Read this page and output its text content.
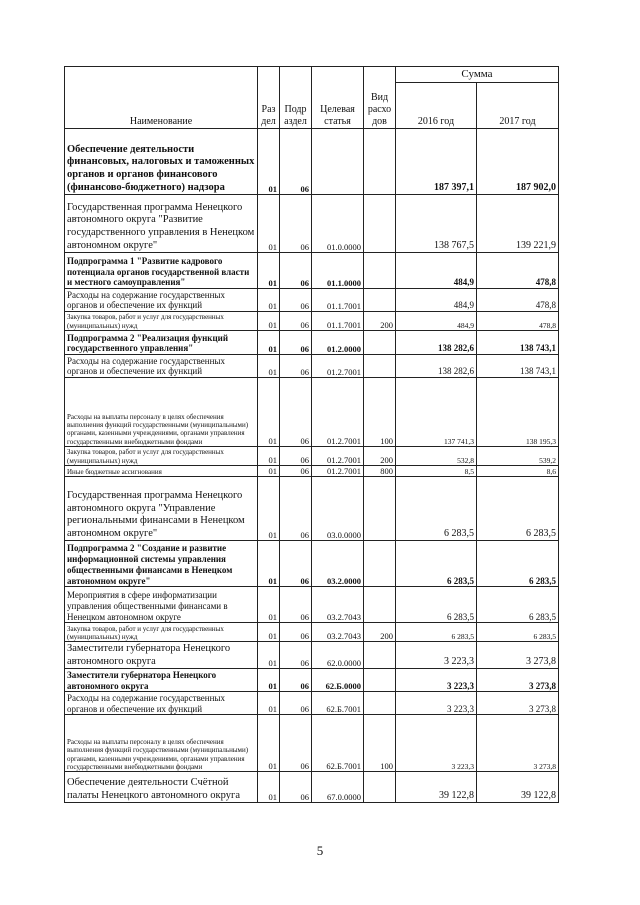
Наименование	Раз дел	Подр аздел	Целевая статья	Вид расхо дов	Сумма	
					2016 год	2017 год
Обеспечение деятельности финансовых, налоговых и таможенных органов и органов финансового (финансово-бюджетного) надзора	01	06			187 397,1	187 902,0
Государственная программа Ненецкого автономного округа "Развитие государственного управления в Ненецком автономном округе"	01	06	01.0.0000		138 767,5	139 221,9
Подпрограмма 1 "Развитие кадрового потенциала органов государственной власти и местного самоуправления"	01	06	01.1.0000		484,9	478,8
Расходы на содержание государственных органов и обеспечение их функций	01	06	01.1.7001		484,9	478,8
Закупка товаров, работ и услуг для государственных (муниципальных) нужд	01	06	01.1.7001	200	484,9	478,8
Подпрограмма 2 "Реализация функций государственного управления"	01	06	01.2.0000		138 282,6	138 743,1
Расходы на содержание государственных органов и обеспечение их функций	01	06	01.2.7001		138 282,6	138 743,1
Расходы на выплаты персоналу в целях обеспечения выполнения функций государственными (муниципальными) органами, казенными учреждениями, органами управления государственными внебюджетными фондами	01	06	01.2.7001	100	137 741,3	138 195,3
Закупка товаров, работ и услуг для государственных (муниципальных) нужд	01	06	01.2.7001	200	532,8	539,2
Иные бюджетные ассигнования	01	06	01.2.7001	800	8,5	8,6
Государственная программа Ненецкого автономного округа "Управление региональными финансами в Ненецком автономном округе"	01	06	03.0.0000		6 283,5	6 283,5
Подпрограмма 2 "Создание и развитие информационной системы управления общественными финансами в Ненецком автономном округе"	01	06	03.2.0000		6 283,5	6 283,5
Мероприятия в сфере информатизации управления общественными финансами в Ненецком автономном округе	01	06	03.2.7043		6 283,5	6 283,5
Закупка товаров, работ и услуг для государственных (муниципальных) нужд	01	06	03.2.7043	200	6 283,5	6 283,5
Заместители губернатора Ненецкого автономного округа	01	06	62.0.0000		3 223,3	3 273,8
Заместители губернатора Ненецкого автономного округа	01	06	62.Б.0000		3 223,3	3 273,8
Расходы на содержание государственных органов и обеспечение их функций	01	06	62.Б.7001		3 223,3	3 273,8
Расходы на выплаты персоналу в целях обеспечения выполнения функций государственными (муниципальными) органами, казенными учреждениями, органами управления государственными внебюджетными фондами	01	06	62.Б.7001	100	3 223,3	3 273,8
Обеспечение деятельности Счётной палаты Ненецкого автономного округа	01	06	67.0.0000		39 122,8	39 122,8
5
